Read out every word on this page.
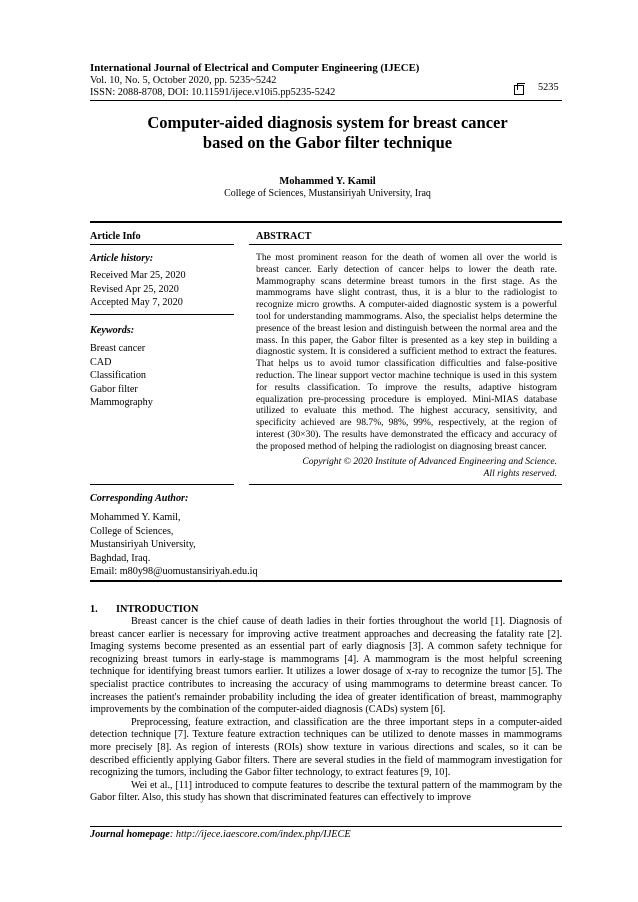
International Journal of Electrical and Computer Engineering (IJECE)
Vol. 10, No. 5, October 2020, pp. 5235~5242
ISSN: 2088-8708, DOI: 10.11591/ijece.v10i5.pp5235-5242	5235
Computer-aided diagnosis system for breast cancer
based on the Gabor filter technique
Mohammed Y. Kamil
College of Sciences, Mustansiriyah University, Iraq
Article Info	ABSTRACT
Article history:
Received Mar 25, 2020
Revised Apr 25, 2020
Accepted May 7, 2020
Keywords:
Breast cancer
CAD
Classification
Gabor filter
Mammography
The most prominent reason for the death of women all over the world is breast cancer. Early detection of cancer helps to lower the death rate. Mammography scans determine breast tumors in the first stage. As the mammograms have slight contrast, thus, it is a blur to the radiologist to recognize micro growths. A computer-aided diagnostic system is a powerful tool for understanding mammograms. Also, the specialist helps determine the presence of the breast lesion and distinguish between the normal area and the mass. In this paper, the Gabor filter is presented as a key step in building a diagnostic system. It is considered a sufficient method to extract the features. That helps us to avoid tumor classification difficulties and false-positive reduction. The linear support vector machine technique is used in this system for results classification. To improve the results, adaptive histogram equalization pre-processing procedure is employed. Mini-MIAS database utilized to evaluate this method. The highest accuracy, sensitivity, and specificity achieved are 98.7%, 98%, 99%, respectively, at the region of interest (30×30). The results have demonstrated the efficacy and accuracy of the proposed method of helping the radiologist on diagnosing breast cancer.
Copyright © 2020 Institute of Advanced Engineering and Science.
All rights reserved.
Corresponding Author:
Mohammed Y. Kamil,
College of Sciences,
Mustansiriyah University,
Baghdad, Iraq.
Email: m80y98@uomustansiriyah.edu.iq
1. INTRODUCTION

Breast cancer is the chief cause of death ladies in their forties throughout the world [1]. Diagnosis of breast cancer earlier is necessary for improving active treatment approaches and decreasing the fatality rate [2]. Imaging systems become presented as an essential part of early diagnosis [3]. A common safety technique for recognizing breast tumors in early-stage is mammograms [4]. A mammogram is the most helpful screening technique for identifying breast tumors earlier. It utilizes a lower dosage of x-ray to recognize the tumor [5]. The specialist practice contributes to increasing the accuracy of using mammograms to determine breast cancer. To increases the patient's remainder probability including the idea of greater identification of breast, mammography improvements by the combination of the computer-aided diagnosis (CADs) system [6].

Preprocessing, feature extraction, and classification are the three important steps in a computer-aided detection technique [7]. Texture feature extraction techniques can be utilized to denote masses in mammograms more precisely [8]. As region of interests (ROIs) show texture in various directions and scales, so it can be described efficiently applying Gabor filters. There are several studies in the field of mammogram investigation for recognizing the tumors, including the Gabor filter technology, to extract features [9, 10].

Wei et al., [11] introduced to compute features to describe the textural pattern of the mammogram by the Gabor filter. Also, this study has shown that discriminated features can effectively to improve

Journal homepage: http://ijece.iaescore.com/index.php/IJECE
